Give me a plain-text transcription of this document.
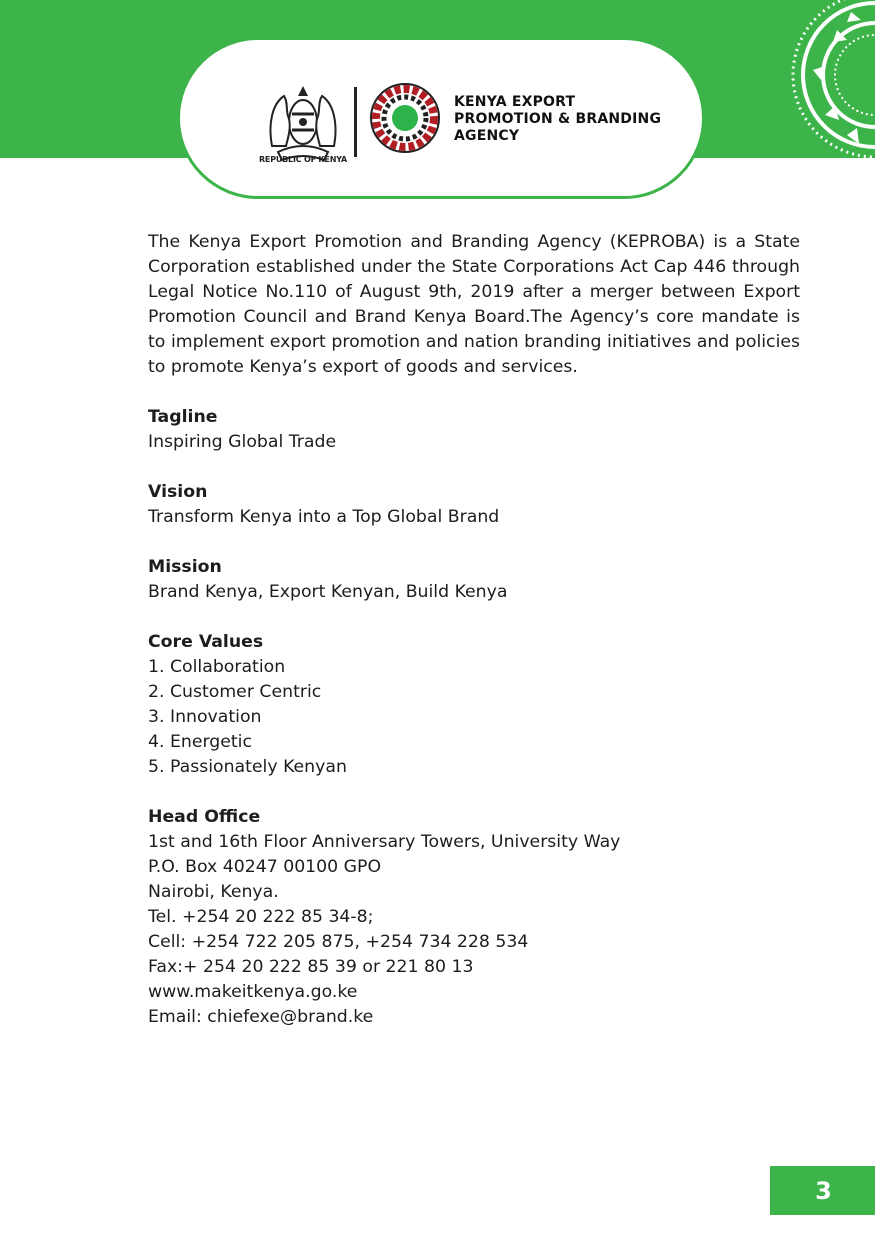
REPUBLIC OF KENYA
KENYA EXPORT
PROMOTION & BRANDING
AGENCY

The Kenya Export Promotion and Branding Agency (KEPROBA) is a State Corporation established under the State Corporations Act Cap 446 through Legal Notice No.110 of August 9th, 2019 after a merger between Export Promotion Council and Brand Kenya Board.The Agency’s core mandate is to implement export promotion and nation branding initiatives and policies to promote Kenya’s export of goods and services.

Tagline
Inspiring Global Trade
Vision
Transform Kenya into a Top Global Brand
Mission
Brand Kenya, Export Kenyan, Build Kenya
Core Values
1. Collaboration
2. Customer Centric
3. Innovation
4. Energetic
5. Passionately Kenyan
Head Office
1st and 16th Floor Anniversary Towers, University Way
P.O. Box 40247 00100 GPO
Nairobi, Kenya.
Tel. +254 20 222 85 34-8;
Cell: +254 722 205 875, +254 734 228 534
Fax:+ 254 20 222 85 39 or 221 80 13
www.makeitkenya.go.ke
Email: chiefexe@brand.ke
3
